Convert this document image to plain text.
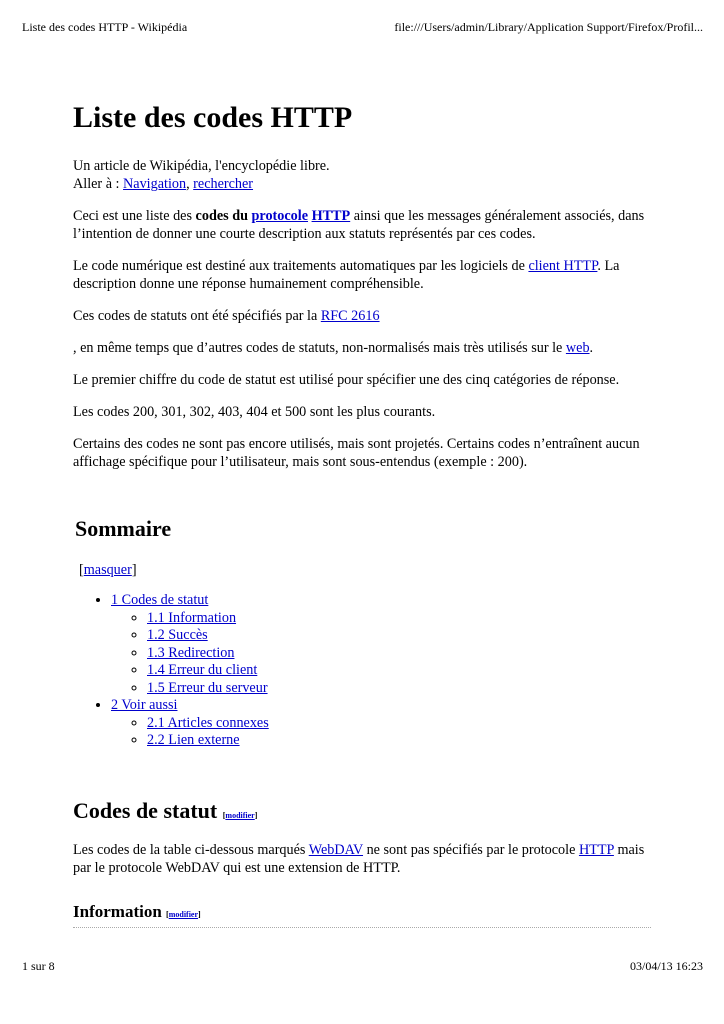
Liste des codes HTTP - Wikipédia	file:///Users/admin/Library/Application Support/Firefox/Profil...
Liste des codes HTTP

Un article de Wikipédia, l'encyclopédie libre.
Aller à : Navigation, rechercher

Ceci est une liste des codes du protocole HTTP ainsi que les messages généralement associés, dans l’intention de donner une courte description aux statuts représentés par ces codes.

Le code numérique est destiné aux traitements automatiques par les logiciels de client HTTP. La description donne une réponse humainement compréhensible.

Ces codes de statuts ont été spécifiés par la RFC 2616

, en même temps que d’autres codes de statuts, non-normalisés mais très utilisés sur le web.

Le premier chiffre du code de statut est utilisé pour spécifier une des cinq catégories de réponse.

Les codes 200, 301, 302, 403, 404 et 500 sont les plus courants.

Certains des codes ne sont pas encore utilisés, mais sont projetés. Certains codes n’entraînent aucun affichage spécifique pour l’utilisateur, mais sont sous-entendus (exemple : 200).

Sommaire
[masquer]
• 1 Codes de statut
◦ 1.1 Information
◦ 1.2 Succès
◦ 1.3 Redirection
◦ 1.4 Erreur du client
◦ 1.5 Erreur du serveur
• 2 Voir aussi
◦ 2.1 Articles connexes
◦ 2.2 Lien externe
Codes de statut [modifier]

Les codes de la table ci-dessous marqués WebDAV ne sont pas spécifiés par le protocole HTTP mais par le protocole WebDAV qui est une extension de HTTP.

Information [modifier]
1 sur 8	03/04/13 16:23
